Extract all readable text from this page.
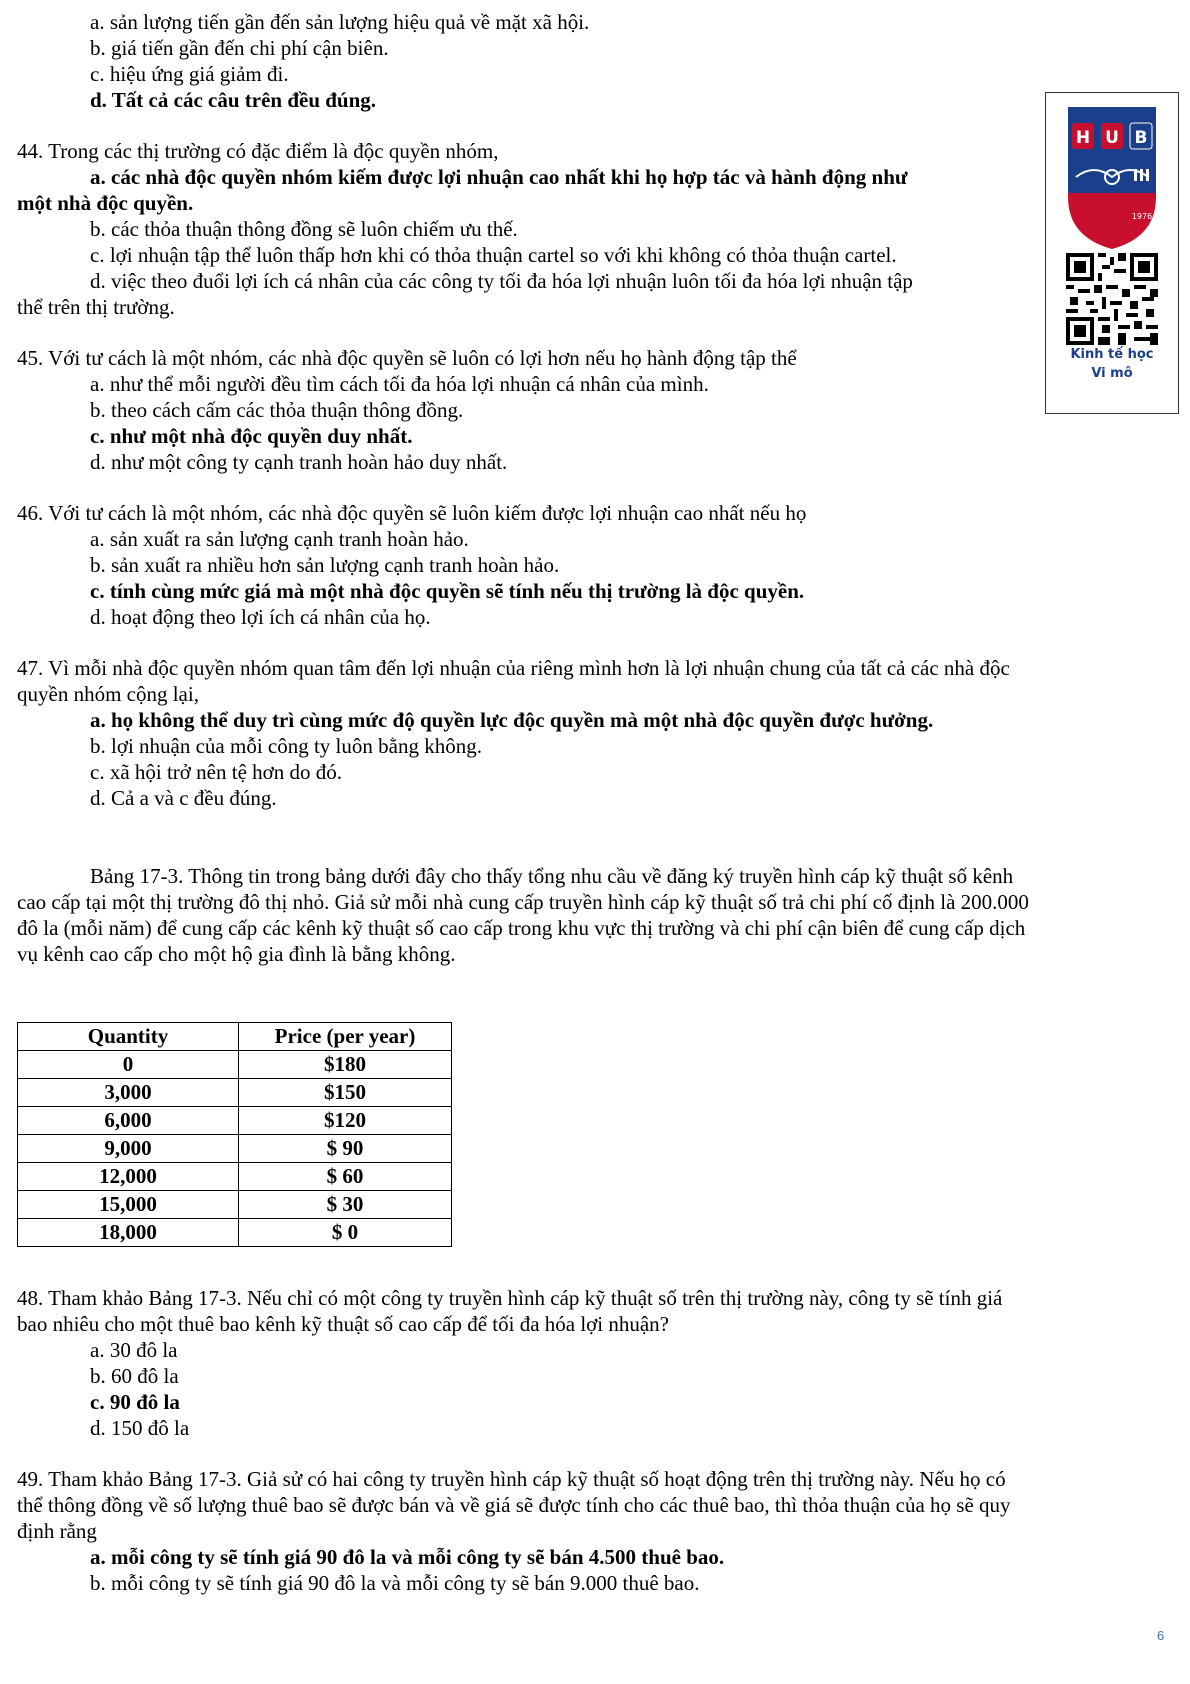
a. sản lượng tiến gần đến sản lượng hiệu quả về mặt xã hội.
b. giá tiến gần đến chi phí cận biên.
c. hiệu ứng giá giảm đi.
d. Tất cả các câu trên đều đúng.
44. Trong các thị trường có đặc điểm là độc quyền nhóm,
a. các nhà độc quyền nhóm kiếm được lợi nhuận cao nhất khi họ hợp tác và hành động như
một nhà độc quyền.
b. các thỏa thuận thông đồng sẽ luôn chiếm ưu thế.
c. lợi nhuận tập thể luôn thấp hơn khi có thỏa thuận cartel so với khi không có thỏa thuận cartel.
d. việc theo đuổi lợi ích cá nhân của các công ty tối đa hóa lợi nhuận luôn tối đa hóa lợi nhuận tập
thể trên thị trường.
45. Với tư cách là một nhóm, các nhà độc quyền sẽ luôn có lợi hơn nếu họ hành động tập thể
a. như thể mỗi người đều tìm cách tối đa hóa lợi nhuận cá nhân của mình.
b. theo cách cấm các thỏa thuận thông đồng.
c. như một nhà độc quyền duy nhất.
d. như một công ty cạnh tranh hoàn hảo duy nhất.
46. Với tư cách là một nhóm, các nhà độc quyền sẽ luôn kiếm được lợi nhuận cao nhất nếu họ
a. sản xuất ra sản lượng cạnh tranh hoàn hảo.
b. sản xuất ra nhiều hơn sản lượng cạnh tranh hoàn hảo.
c. tính cùng mức giá mà một nhà độc quyền sẽ tính nếu thị trường là độc quyền.
d. hoạt động theo lợi ích cá nhân của họ.
47. Vì mỗi nhà độc quyền nhóm quan tâm đến lợi nhuận của riêng mình hơn là lợi nhuận chung của tất cả các nhà độc
quyền nhóm cộng lại,
a. họ không thể duy trì cùng mức độ quyền lực độc quyền mà một nhà độc quyền được hưởng.
b. lợi nhuận của mỗi công ty luôn bằng không.
c. xã hội trở nên tệ hơn do đó.
d. Cả a và c đều đúng.
Bảng 17-3. Thông tin trong bảng dưới đây cho thấy tổng nhu cầu về đăng ký truyền hình cáp kỹ thuật số kênh
cao cấp tại một thị trường đô thị nhỏ. Giả sử mỗi nhà cung cấp truyền hình cáp kỹ thuật số trả chi phí cố định là 200.000
đô la (mỗi năm) để cung cấp các kênh kỹ thuật số cao cấp trong khu vực thị trường và chi phí cận biên để cung cấp dịch
vụ kênh cao cấp cho một hộ gia đình là bằng không.
Quantity	Price (per year)
0	$180
3,000	$150
6,000	$120
9,000	$ 90
12,000	$ 60
15,000	$ 30
18,000	$ 0
48. Tham khảo Bảng 17-3. Nếu chỉ có một công ty truyền hình cáp kỹ thuật số trên thị trường này, công ty sẽ tính giá
bao nhiêu cho một thuê bao kênh kỹ thuật số cao cấp để tối đa hóa lợi nhuận?
a. 30 đô la
b. 60 đô la
c. 90 đô la
d. 150 đô la
49. Tham khảo Bảng 17-3. Giả sử có hai công ty truyền hình cáp kỹ thuật số hoạt động trên thị trường này. Nếu họ có
thể thông đồng về số lượng thuê bao sẽ được bán và về giá sẽ được tính cho các thuê bao, thì thỏa thuận của họ sẽ quy
định rằng
a. mỗi công ty sẽ tính giá 90 đô la và mỗi công ty sẽ bán 4.500 thuê bao.
b. mỗi công ty sẽ tính giá 90 đô la và mỗi công ty sẽ bán 9.000 thuê bao.
H U B
1976
Kinh tế học
Vi mô
6
